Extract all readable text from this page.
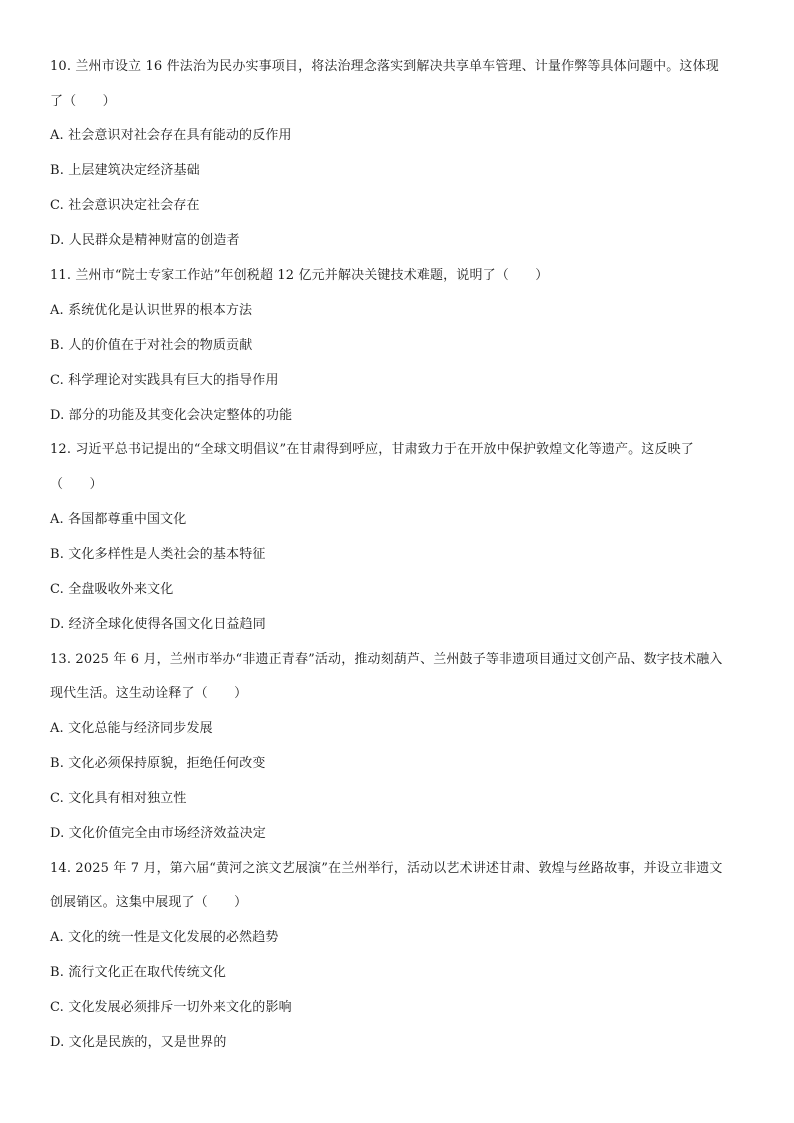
10. 兰州市设立 16 件法治为民办实事项目，将法治理念落实到解决共享单车管理、计量作弊等具体问题中。这体现
了（　　）
A. 社会意识对社会存在具有能动的反作用
B. 上层建筑决定经济基础
C. 社会意识决定社会存在
D. 人民群众是精神财富的创造者
11. 兰州市“院士专家工作站”年创税超 12 亿元并解决关键技术难题，说明了（　　）
A. 系统优化是认识世界的根本方法
B. 人的价值在于对社会的物质贡献
C. 科学理论对实践具有巨大的指导作用
D. 部分的功能及其变化会决定整体的功能
12. 习近平总书记提出的“全球文明倡议”在甘肃得到呼应，甘肃致力于在开放中保护敦煌文化等遗产。这反映了
（　　）
A. 各国都尊重中国文化
B. 文化多样性是人类社会的基本特征
C. 全盘吸收外来文化
D. 经济全球化使得各国文化日益趋同
13. 2025 年 6 月，兰州市举办“非遗正青春”活动，推动刻葫芦、兰州鼓子等非遗项目通过文创产品、数字技术融入
现代生活。这生动诠释了（　　）
A. 文化总能与经济同步发展
B. 文化必须保持原貌，拒绝任何改变
C. 文化具有相对独立性
D. 文化价值完全由市场经济效益决定
14. 2025 年 7 月，第六届“黄河之滨文艺展演”在兰州举行，活动以艺术讲述甘肃、敦煌与丝路故事，并设立非遗文
创展销区。这集中展现了（　　）
A. 文化的统一性是文化发展的必然趋势
B. 流行文化正在取代传统文化
C. 文化发展必须排斥一切外来文化的影响
D. 文化是民族的，又是世界的
